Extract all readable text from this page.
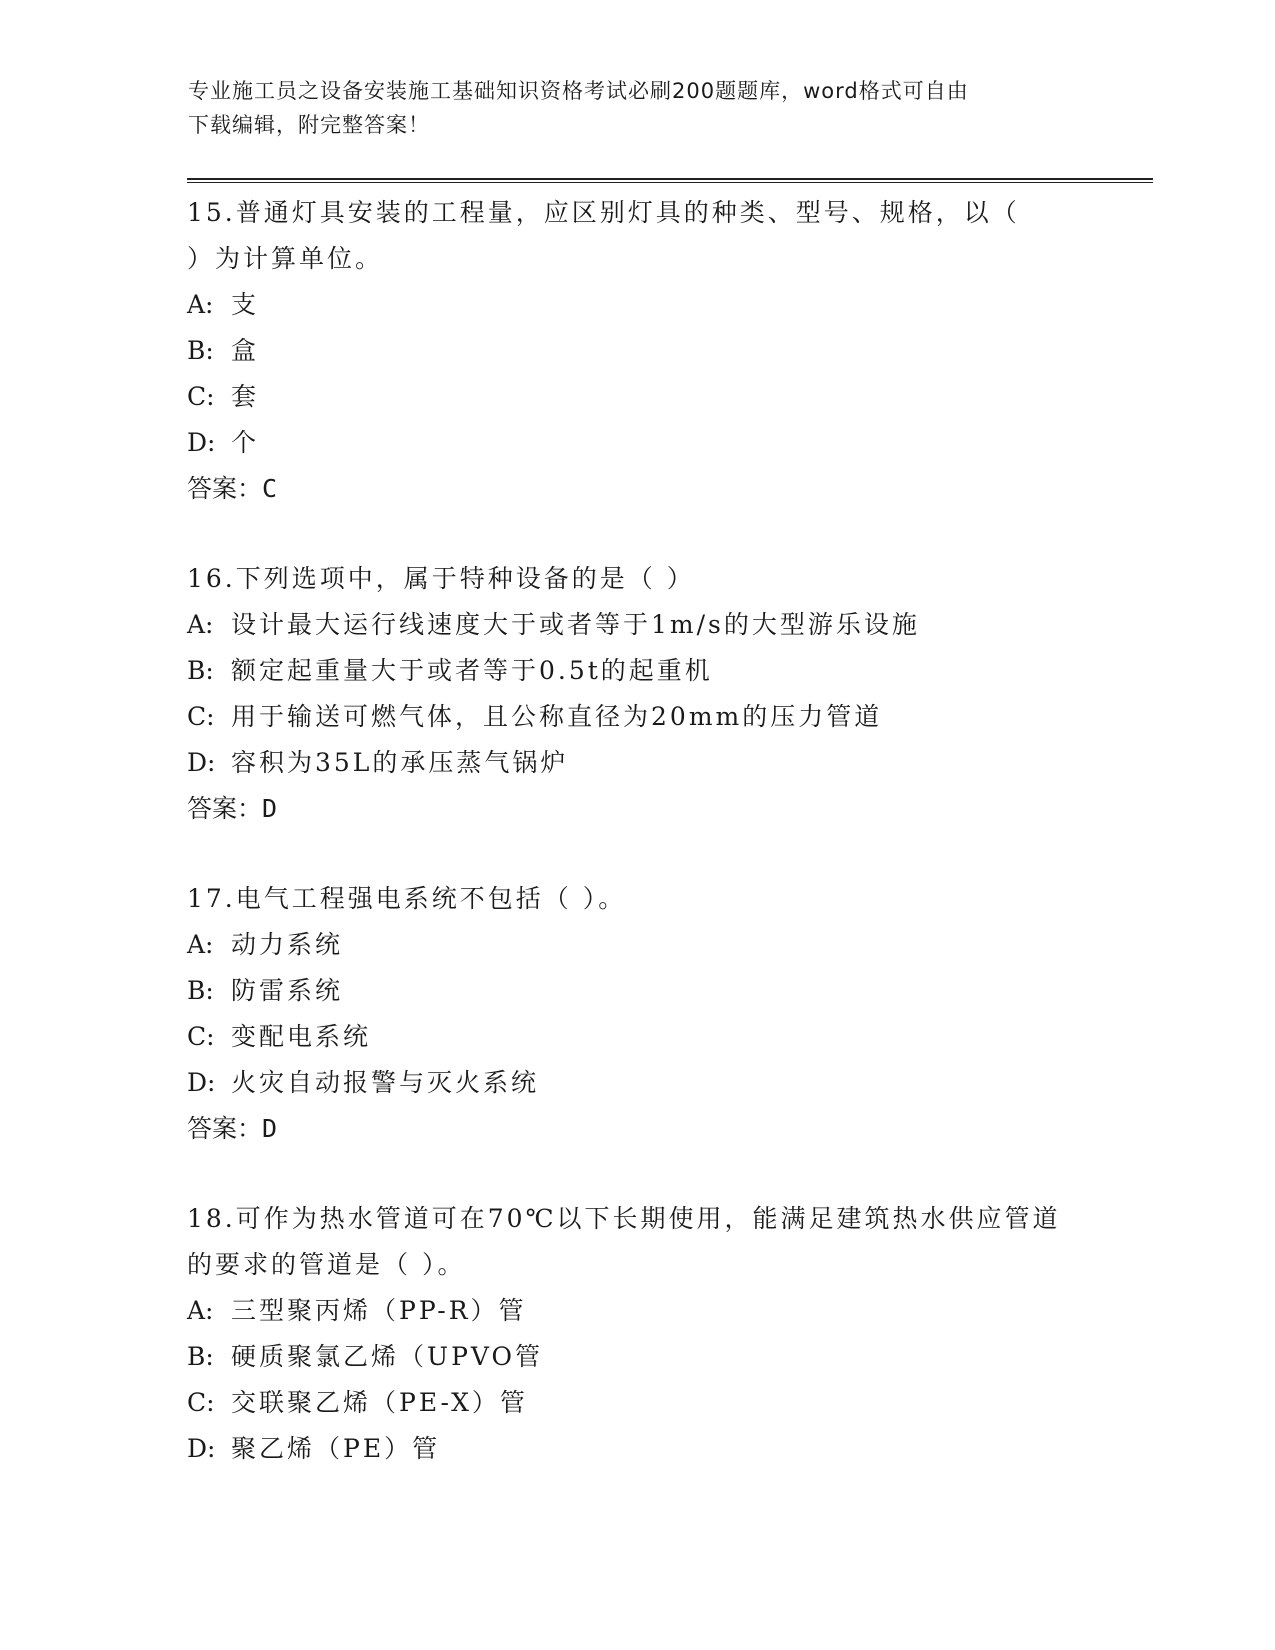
专业施工员之设备安装施工基础知识资格考试必刷200题题库，word格式可自由
下载编辑，附完整答案！
15.普通灯具安装的工程量，应区别灯具的种类、型号、规格，以（
）为计算单位。
A: 支
B: 盒
C: 套
D: 个
答案：C
16.下列选项中，属于特种设备的是（ ）
A: 设计最大运行线速度大于或者等于1m/s的大型游乐设施
B: 额定起重量大于或者等于0.5t的起重机
C: 用于输送可燃气体，且公称直径为20mm的压力管道
D: 容积为35L的承压蒸气锅炉
答案：D
17.电气工程强电系统不包括（ ）。
A: 动力系统
B: 防雷系统
C: 变配电系统
D: 火灾自动报警与灭火系统
答案：D
18.可作为热水管道可在70℃以下长期使用，能满足建筑热水供应管道
的要求的管道是（ ）。
A: 三型聚丙烯（PP-R）管
B: 硬质聚氯乙烯（UPVO管
C: 交联聚乙烯（PE-X）管
D: 聚乙烯（PE）管
